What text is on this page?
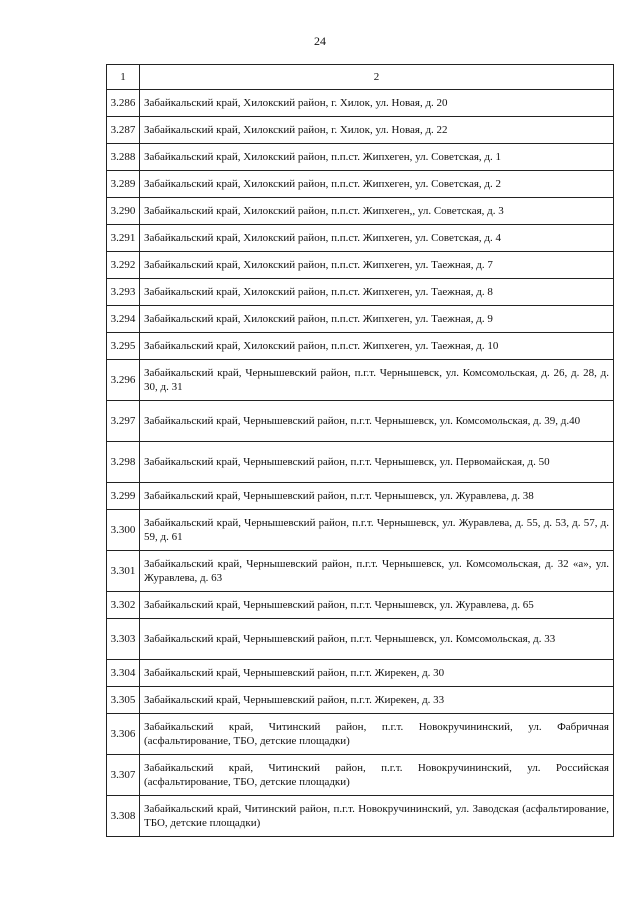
24
1	2
3.286	Забайкальский край, Хилокский район, г. Хилок, ул. Новая, д. 20
3.287	Забайкальский край, Хилокский район, г. Хилок, ул. Новая, д. 22
3.288	Забайкальский край, Хилокский район, п.п.ст. Жипхеген, ул. Советская, д. 1
3.289	Забайкальский край, Хилокский район, п.п.ст. Жипхеген, ул. Советская, д. 2
3.290	Забайкальский край, Хилокский район, п.п.ст. Жипхеген,, ул. Советская, д. 3
3.291	Забайкальский край, Хилокский район, п.п.ст. Жипхеген, ул. Советская, д. 4
3.292	Забайкальский край, Хилокский район, п.п.ст. Жипхеген, ул. Таежная, д. 7
3.293	Забайкальский край, Хилокский район, п.п.ст. Жипхеген, ул. Таежная, д. 8
3.294	Забайкальский край, Хилокский район, п.п.ст. Жипхеген, ул. Таежная, д. 9
3.295	Забайкальский край, Хилокский район, п.п.ст. Жипхеген, ул. Таежная, д. 10
3.296	Забайкальский край, Чернышевский район, п.г.т. Чернышевск, ул. Комсомольская, д. 26, д. 28, д. 30, д. 31
3.297	Забайкальский край, Чернышевский район, п.г.т. Чернышевск, ул. Комсомольская, д. 39, д.40
3.298	Забайкальский край, Чернышевский район, п.г.т. Чернышевск, ул. Первомайская, д. 50
3.299	Забайкальский край, Чернышевский район, п.г.т. Чернышевск, ул. Журавлева, д. 38
3.300	Забайкальский край, Чернышевский район, п.г.т. Чернышевск, ул. Журавлева, д. 55, д. 53, д. 57, д. 59, д. 61
3.301	Забайкальский край, Чернышевский район, п.г.т. Чернышевск, ул. Комсомольская, д. 32 «а», ул. Журавлева, д. 63
3.302	Забайкальский край, Чернышевский район, п.г.т. Чернышевск, ул. Журавлева, д. 65
3.303	Забайкальский край, Чернышевский район, п.г.т. Чернышевск, ул. Комсомольская, д. 33
3.304	Забайкальский край, Чернышевский район, п.г.т. Жирекен, д. 30
3.305	Забайкальский край, Чернышевский район, п.г.т. Жирекен, д. 33
3.306	Забайкальский край, Читинский район, п.г.т. Новокручининский, ул. Фабричная (асфальтирование, ТБО, детские площадки)
3.307	Забайкальский край, Читинский район, п.г.т. Новокручининский, ул. Российская (асфальтирование, ТБО, детские площадки)
3.308	Забайкальский край, Читинский район, п.г.т. Новокручининский, ул. Заводская (асфальтирование, ТБО, детские площадки)
